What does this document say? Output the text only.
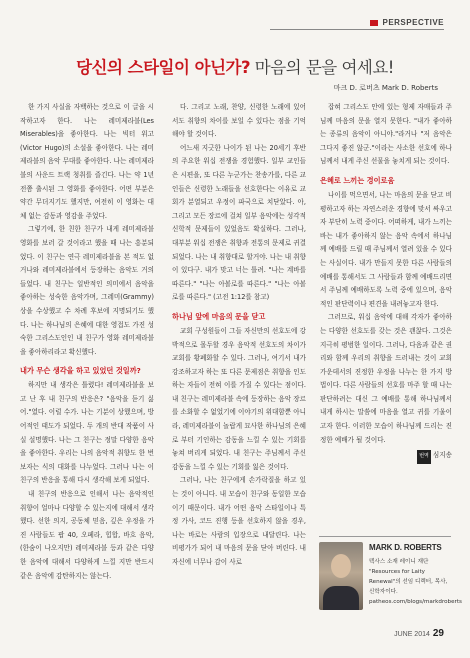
PERSPECTIVE
당신의 스타일이 아닌가? 마음의 문을 여세요!
마크 D. 로버츠 Mark D. Roberts

한 가지 사실을 자백하는 것으로 이 글을 시작하고자 한다. 나는 레미제라블(Les Miserables)을 좋아한다. 나는 빅터 위고(Victor Hugo)의 소설을 좋아한다. 나는 레미제라블의 음악 무대를 좋아한다. 나는 레미제라블의 사운드 트랙 청취를 즐긴다. 나는 약 1년 전쯤 출시된 그 영화를 좋아한다. 어떤 부분은 약간 무더지기도 했지만, 여전히 이 영화는 대체 없는 감동과 영감을 주었다.

그렇기에, 한 친한 친구가 내게 레미제라블 영화를 보러 갈 것이라고 했을 때 나는 흥분되었다. 이 친구는 연극 레미제라블을 본 적도 없거나와 레미제라블에서 등장하는 음악도 거의 들었다. 내 친구는 일반적인 의미에서 음악을 좋아하는 성숙한 음악가며, 그레미(Grammy) 상을 수상했고 수 차례 후보에 지명되기도 했다. 나는 하나님의 은혜에 대한 영접도 가진 성숙한 그리스도인인 내 친구가 영화 레미제라블을 좋아하리라고 확신했다.

내가 무슨 생각을 하고 있었던 것일까?

하지만 내 생각은 틀렸다! 레미제라블을 보고 난 후 내 친구의 반응은? "음악을 듣기 싫어."였다. 이럴 수가. 나는 기분이 상했으며, 방어적인 태도가 되었다. 두 개의 반대 작품이 사실 설명했다. 나는 그 친구는 정말 다양한 음악을 좋아한다. 우리는 나의 음악적 취향도 한 번 보자는 식의 대화를 나누었다. 그러나 나는 이 친구의 반응을 통해 다시 생각해 보게 되었다.

내 친구의 반응으로 인해서 나는 음악적인 취향이 얼마나 다양할 수 있는지에 대해서 생각했다. 선한 의지, 공동체 믿음, 깊은 우정을 가진 사람들도 팝 40, 오페라, 힙합, 바흐 음악, (한숨이 나오지만) 레미제라블 등과 같은 다양한 음악에 대해서 다양하게 느낄 지만 반드시 같은 음악에 감탄하지는 않는다.

다. 그리고 노래, 찬양, 신령한 노래에 있어서도 취향의 차이를 보일 수 있다는 점을 기억해야 할 것이다.

어느새 지긋한 나이가 된 나는 20세기 후반의 주요한 워십 전쟁을 경험했다. 일부 교인들은 시편을, 또 다른 누군가는 찬송가를, 다른 교인들은 신령한 노래들을 선호한다는 이유로 교회가 분열되고 우정이 파국으로 치닫았다. 아, 그리고 모든 장르에 걸쳐 일부 음악에는 성각적 신학적 문제들이 있었음도 확실하다. 그러나, 대부분 워십 전쟁은 취향과 전통의 문제로 귀결되었다. 나는 내 취향대로 할거야. 나는 내 취향이 있다구. 내가 맞고 너는 틀려. "나는 계바를 따른다." "나는 아볼로를 따른다." "나는 아볼로를 따른다." (고전 1:12를 참고)

하나님 앞에 마음의 문을 닫고

교회 구성원들이 그들 자신만의 선호도에 강박적으로 몰두할 경우 음악적 선호도의 차이가 교회를 황폐화할 수 있다. 그러나, 여기서 내가 강조하고자 하는 또 다른 문제점은 취향을 인도하는 자들이 전혀 이를 가질 수 있다는 점이다. 내 친구는 레미제라블 속에 등장하는 음악 장르를 소화할 수 없었기에 이야기의 위대함뿐 아니라, 레미제라블이 놀랍게 묘사한 하나님의 은혜로 부터 기인하는 감동을 느낄 수 있는 기회를 놓쳐 버리게 되었다. 내 친구는 주님께서 주신 감동을 느낄 수 있는 기회를 잃은 것이다.

그러나, 나는 친구에게 손가락질을 하고 있는 것이 아니다. 내 모습이 친구와 동일한 모습이기 때문이다. 내가 어떤 음악 스타일이나 특정 가사, 코드 진행 등을 선호하지 않을 경우, 나는 바로는 사람의 입장으로 내달린다. 나는 비평가가 되어 내 마음의 문을 닫아 버린다. 내 자신에 너무나 감이 사로

잡혀 그리스도 안에 있는 형제 자매들과 주님께 마음의 문을 열지 못한다. "내가 좋아하는 종류의 음악이 아니야."라거나 "저 음악은 그다지 좋진 않군."이라는 사소한 선호에 하나님께서 내게 주신 선물을 놓치게 되는 것이다.

은혜로 느끼는 경이로움

나이를 먹으면서, 나는 마음의 문을 닫고 비평하고자 하는 자연스러운 경향에 맞서 싸우고자 부단히 노력 중이다. 어떠하게, 내가 느끼는 바는 내가 좋아하지 않는 음악 속에서 하나님께 예배를 드릴 때 주님께서 열려 있을 수 있다는 사실이다. 내가 만들지 못한 다른 사람들의 예배를 통해서도 그 사람들과 함께 예배드리면서 주님께 예배하도록 노력 중에 있으며, 음악적인 판단력이나 편견을 내려놓고자 한다.

그러므로, 워십 음악에 대해 각자가 좋아하는 다양한 선호도를 갖는 것은 괜찮다. 그것은 지극히 평범한 일이다. 그러나, 다음과 같은 권리와 함께 우리의 취향을 드러내는 것이 교회 가운데서의 진정한 우정을 나누는 한 가지 방법이다. 다른 사람들의 선호를 마주 할 때 나는 판단하려는 대신 그 예배를 통해 하나님께서 내게 하시는 말씀에 마음을 열고 귀를 기울이고자 한다. 이러한 모습이 하나님께 드리는 진정한 예배가 될 것이다.

번역 심지송
MARK D. ROBERTS
텍사스 소재 레이니 재단 "Resources for Laity Renewal"의 선임 디렉터, 목사, 신학자이다. patheos.com/blogs/markdroberts
JUNE 2014 29
